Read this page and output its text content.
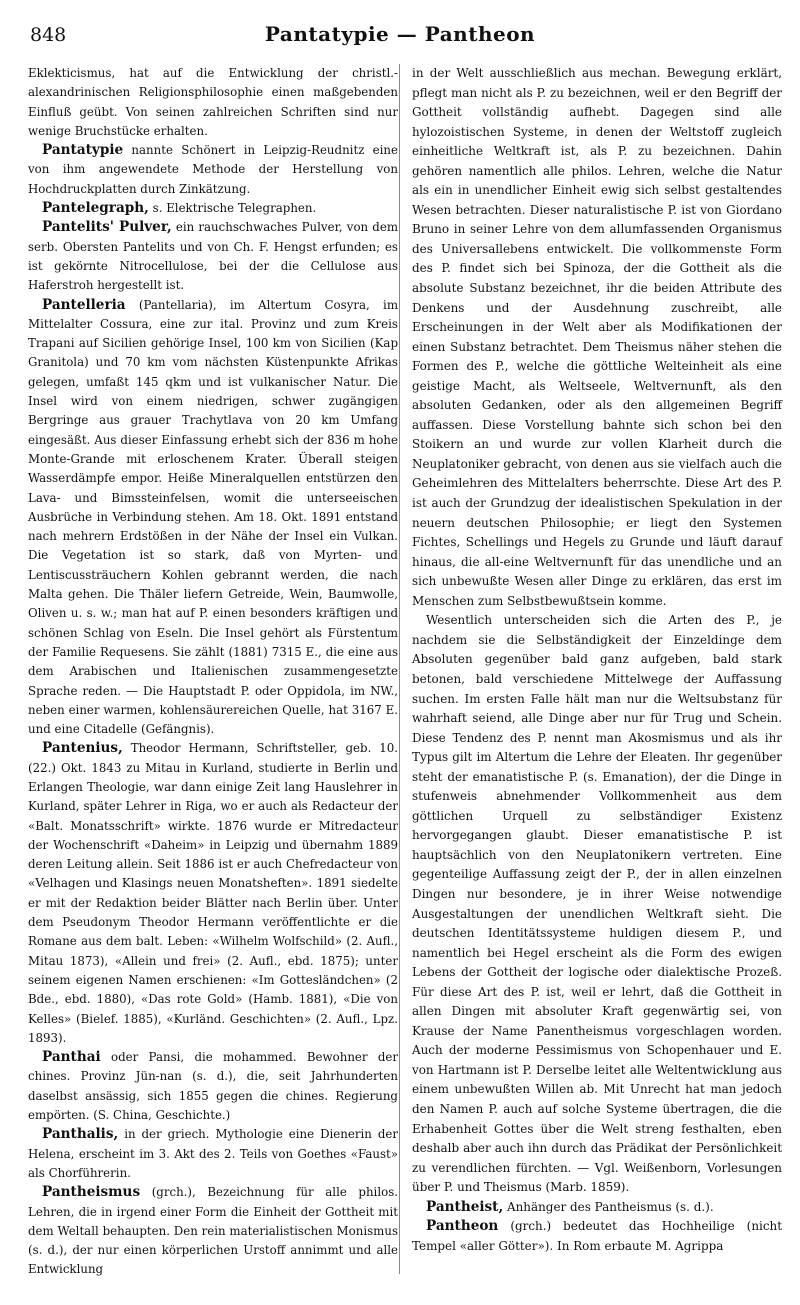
848	Pantatypie — Pantheon

Eklekticismus, hat auf die Entwicklung der christl.-alexandrinischen Religionsphilosophie einen maßgebenden Einfluß geübt. Von seinen zahlreichen Schriften sind nur wenige Bruchstücke erhalten.

Pantatypie nannte Schönert in Leipzig-Reudnitz eine von ihm angewendete Methode der Herstellung von Hochdruckplatten durch Zinkätzung.

Pantelegraph, s. Elektrische Telegraphen.

Pantelits' Pulver, ein rauchschwaches Pulver, von dem serb. Obersten Pantelits und von Ch. F. Hengst erfunden; es ist gekörnte Nitrocellulose, bei der die Cellulose aus Haferstroh hergestellt ist.

Pantelleria (Pantellaria), im Altertum Cosyra, im Mittelalter Cossura, eine zur ital. Provinz und zum Kreis Trapani auf Sicilien gehörige Insel, 100 km von Sicilien (Kap Granitola) und 70 km vom nächsten Küstenpunkte Afrikas gelegen, umfaßt 145 qkm und ist vulkanischer Natur. Die Insel wird von einem niedrigen, schwer zugängigen Bergringe aus grauer Trachytlava von 20 km Umfang eingesäßt. Aus dieser Einfassung erhebt sich der 836 m hohe Monte-Grande mit erloschenem Krater. Überall steigen Wasserdämpfe empor. Heiße Mineralquellen entstürzen den Lava- und Bimssteinfelsen, womit die unterseeischen Ausbrüche in Verbindung stehen. Am 18. Okt. 1891 entstand nach mehrern Erdstößen in der Nähe der Insel ein Vulkan. Die Vegetation ist so stark, daß von Myrten- und Lentiscussträuchern Kohlen gebrannt werden, die nach Malta gehen. Die Thäler liefern Getreide, Wein, Baumwolle, Oliven u. s. w.; man hat auf P. einen besonders kräftigen und schönen Schlag von Eseln. Die Insel gehört als Fürstentum der Familie Requesens. Sie zählt (1881) 7315 E., die eine aus dem Arabischen und Italienischen zusammengesetzte Sprache reden. — Die Hauptstadt P. oder Oppidola, im NW., neben einer warmen, kohlensäurereichen Quelle, hat 3167 E. und eine Citadelle (Gefängnis).

Pantenius, Theodor Hermann, Schriftsteller, geb. 10. (22.) Okt. 1843 zu Mitau in Kurland, studierte in Berlin und Erlangen Theologie, war dann einige Zeit lang Hauslehrer in Kurland, später Lehrer in Riga, wo er auch als Redacteur der «Balt. Monatsschrift» wirkte. 1876 wurde er Mitredacteur der Wochenschrift «Daheim» in Leipzig und übernahm 1889 deren Leitung allein. Seit 1886 ist er auch Chefredacteur von «Velhagen und Klasings neuen Monatsheften». 1891 siedelte er mit der Redaktion beider Blätter nach Berlin über. Unter dem Pseudonym Theodor Hermann veröffentlichte er die Romane aus dem balt. Leben: «Wilhelm Wolfschild» (2. Aufl., Mitau 1873), «Allein und frei» (2. Aufl., ebd. 1875); unter seinem eigenen Namen erschienen: «Im Gottesländchen» (2 Bde., ebd. 1880), «Das rote Gold» (Hamb. 1881), «Die von Kelles» (Bielef. 1885), «Kurländ. Geschichten» (2. Aufl., Lpz. 1893).

Panthai oder Pansi, die mohammed. Bewohner der chines. Provinz Jün-nan (s. d.), die, seit Jahrhunderten daselbst ansässig, sich 1855 gegen die chines. Regierung empörten. (S. China, Geschichte.)

Panthalis, in der griech. Mythologie eine Dienerin der Helena, erscheint im 3. Akt des 2. Teils von Goethes «Faust» als Chorführerin.

Pantheismus (grch.), Bezeichnung für alle philos. Lehren, die in irgend einer Form die Einheit der Gottheit mit dem Weltall behaupten. Den rein materialistischen Monismus (s. d.), der nur einen körperlichen Urstoff annimmt und alle Entwicklung

in der Welt ausschließlich aus mechan. Bewegung erklärt, pflegt man nicht als P. zu bezeichnen, weil er den Begriff der Gottheit vollständig aufhebt. Dagegen sind alle hylozoistischen Systeme, in denen der Weltstoff zugleich einheitliche Weltkraft ist, als P. zu bezeichnen. Dahin gehören namentlich alle philos. Lehren, welche die Natur als ein in unendlicher Einheit ewig sich selbst gestaltendes Wesen betrachten. Dieser naturalistische P. ist von Giordano Bruno in seiner Lehre von dem allumfassenden Organismus des Universallebens entwickelt. Die vollkommenste Form des P. findet sich bei Spinoza, der die Gottheit als die absolute Substanz bezeichnet, ihr die beiden Attribute des Denkens und der Ausdehnung zuschreibt, alle Erscheinungen in der Welt aber als Modifikationen der einen Substanz betrachtet. Dem Theismus näher stehen die Formen des P., welche die göttliche Welteinheit als eine geistige Macht, als Weltseele, Weltvernunft, als den absoluten Gedanken, oder als den allgemeinen Begriff auffassen. Diese Vorstellung bahnte sich schon bei den Stoikern an und wurde zur vollen Klarheit durch die Neuplatoniker gebracht, von denen aus sie vielfach auch die Geheimlehren des Mittelalters beherrschte. Diese Art des P. ist auch der Grundzug der idealistischen Spekulation in der neuern deutschen Philosophie; er liegt den Systemen Fichtes, Schellings und Hegels zu Grunde und läuft darauf hinaus, die all-eine Weltvernunft für das unendliche und an sich unbewußte Wesen aller Dinge zu erklären, das erst im Menschen zum Selbstbewußtsein komme.

Wesentlich unterscheiden sich die Arten des P., je nachdem sie die Selbständigkeit der Einzeldinge dem Absoluten gegenüber bald ganz aufgeben, bald stark betonen, bald verschiedene Mittelwege der Auffassung suchen. Im ersten Falle hält man nur die Weltsubstanz für wahrhaft seiend, alle Dinge aber nur für Trug und Schein. Diese Tendenz des P. nennt man Akosmismus und als ihr Typus gilt im Altertum die Lehre der Eleaten. Ihr gegenüber steht der emanatistische P. (s. Emanation), der die Dinge in stufenweis abnehmender Vollkommenheit aus dem göttlichen Urquell zu selbständiger Existenz hervorgegangen glaubt. Dieser emanatistische P. ist hauptsächlich von den Neuplatonikern vertreten. Eine gegenteilige Auffassung zeigt der P., der in allen einzelnen Dingen nur besondere, je in ihrer Weise notwendige Ausgestaltungen der unendlichen Weltkraft sieht. Die deutschen Identitätssysteme huldigen diesem P., und namentlich bei Hegel erscheint als die Form des ewigen Lebens der Gottheit der logische oder dialektische Prozeß. Für diese Art des P. ist, weil er lehrt, daß die Gottheit in allen Dingen mit absoluter Kraft gegenwärtig sei, von Krause der Name Panentheismus vorgeschlagen worden. Auch der moderne Pessimismus von Schopenhauer und E. von Hartmann ist P. Derselbe leitet alle Weltentwicklung aus einem unbewußten Willen ab. Mit Unrecht hat man jedoch den Namen P. auch auf solche Systeme übertragen, die die Erhabenheit Gottes über die Welt streng festhalten, eben deshalb aber auch ihn durch das Prädikat der Persönlichkeit zu verendlichen fürchten. — Vgl. Weißenborn, Vorlesungen über P. und Theismus (Marb. 1859).

Pantheist, Anhänger des Pantheismus (s. d.).

Pantheon (grch.) bedeutet das Hochheilige (nicht Tempel «aller Götter»). In Rom erbaute M. Agrippa
